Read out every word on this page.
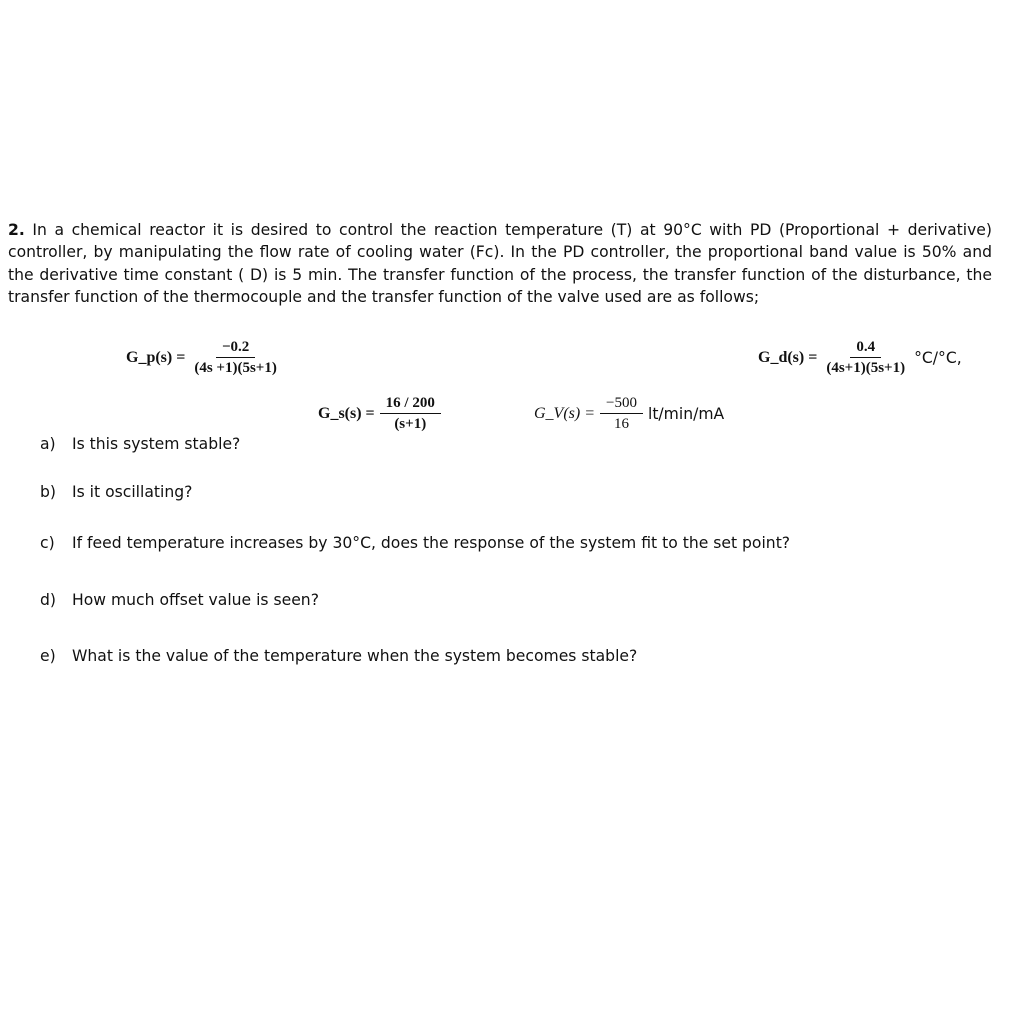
2. In a chemical reactor it is desired to control the reaction temperature (T) at 90°C with PD (Proportional + derivative) controller, by manipulating the flow rate of cooling water (Fc). In the PD controller, the proportional band value is 50% and the derivative time constant ( D) is 5 min. The transfer function of the process, the transfer function of the disturbance, the transfer function of the thermocouple and the transfer function of the valve used are as follows;
G_p(s) = $\frac{-0.2}{(4s +1)(5s+1)}$	G_d(s) = $\frac{0.4}{(4s+1)(5s+1)} ^\circ C/^\circ C$,
G_s(s) = $\frac{16 / 200}{(s+1)}$	G_V(s) = $\frac{-500}{16} lt/\min/mA$
a) Is this system stable?
b) Is it oscillating?
c) If feed temperature increases by 30°C, does the response of the system fit to the set point?
d) How much offset value is seen?
e) What is the value of the temperature when the system becomes stable?
